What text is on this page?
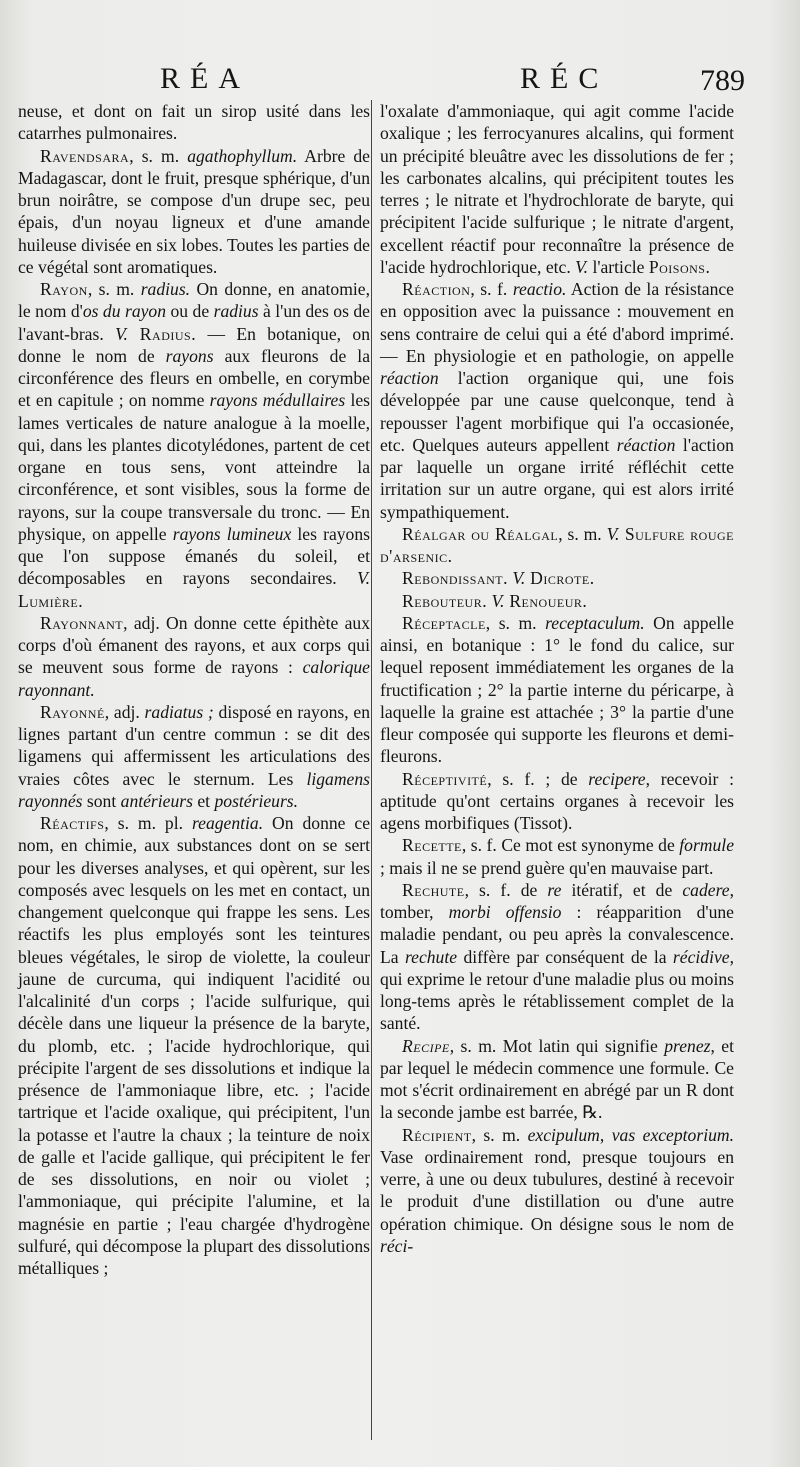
RÉA	RÉC	789

neuse, et dont on fait un sirop usité dans les catarrhes pulmonaires.

Ravendsara, s. m. agathophyllum. Arbre de Madagascar, dont le fruit, presque sphérique, d'un brun noirâtre, se compose d'un drupe sec, peu épais, d'un noyau ligneux et d'une amande huileuse divisée en six lobes. Toutes les parties de ce végétal sont aromatiques.

Rayon, s. m. radius. On donne, en anatomie, le nom d'os du rayon ou de radius à l'un des os de l'avant-bras. V. Radius. — En botanique, on donne le nom de rayons aux fleurons de la circonférence des fleurs en ombelle, en corymbe et en capitule ; on nomme rayons médullaires les lames verticales de nature analogue à la moelle, qui, dans les plantes dicotylédones, partent de cet organe en tous sens, vont atteindre la circonférence, et sont visibles, sous la forme de rayons, sur la coupe transversale du tronc. — En physique, on appelle rayons lumineux les rayons que l'on suppose émanés du soleil, et décomposables en rayons secondaires. V. Lumière.

Rayonnant, adj. On donne cette épithète aux corps d'où émanent des rayons, et aux corps qui se meuvent sous forme de rayons : calorique rayonnant.

Rayonné, adj. radiatus ; disposé en rayons, en lignes partant d'un centre commun : se dit des ligamens qui affermissent les articulations des vraies côtes avec le sternum. Les ligamens rayonnés sont antérieurs et postérieurs.

Réactifs, s. m. pl. reagentia. On donne ce nom, en chimie, aux substances dont on se sert pour les diverses analyses, et qui opèrent, sur les composés avec lesquels on les met en contact, un changement quelconque qui frappe les sens. Les réactifs les plus employés sont les teintures bleues végétales, le sirop de violette, la couleur jaune de curcuma, qui indiquent l'acidité ou l'alcalinité d'un corps ; l'acide sulfurique, qui décèle dans une liqueur la présence de la baryte, du plomb, etc. ; l'acide hydrochlorique, qui précipite l'argent de ses dissolutions et indique la présence de l'ammoniaque libre, etc. ; l'acide tartrique et l'acide oxalique, qui précipitent, l'un la potasse et l'autre la chaux ; la teinture de noix de galle et l'acide gallique, qui précipitent le fer de ses dissolutions, en noir ou violet ; l'ammoniaque, qui précipite l'alumine, et la magnésie en partie ; l'eau chargée d'hydrogène sulfuré, qui décompose la plupart des dissolutions métalliques ;

l'oxalate d'ammoniaque, qui agit comme l'acide oxalique ; les ferrocyanures alcalins, qui forment un précipité bleuâtre avec les dissolutions de fer ; les carbonates alcalins, qui précipitent toutes les terres ; le nitrate et l'hydrochlorate de baryte, qui précipitent l'acide sulfurique ; le nitrate d'argent, excellent réactif pour reconnaître la présence de l'acide hydrochlorique, etc. V. l'article Poisons.

Réaction, s. f. reactio. Action de la résistance en opposition avec la puissance : mouvement en sens contraire de celui qui a été d'abord imprimé. — En physiologie et en pathologie, on appelle réaction l'action organique qui, une fois développée par une cause quelconque, tend à repousser l'agent morbifique qui l'a occasionée, etc. Quelques auteurs appellent réaction l'action par laquelle un organe irrité réfléchit cette irritation sur un autre organe, qui est alors irrité sympathiquement.

Réalgar ou Réalgal, s. m. V. Sulfure rouge d'arsenic.

Rebondissant. V. Dicrote.

Reboutеur. V. Renoueur.

Réceptacle, s. m. receptaculum. On appelle ainsi, en botanique : 1° le fond du calice, sur lequel reposent immédiatement les organes de la fructification ; 2° la partie interne du péricarpe, à laquelle la graine est attachée ; 3° la partie d'une fleur composée qui supporte les fleurons et demi-fleurons.

Réceptivité, s. f. ; de recipere, recevoir : aptitude qu'ont certains organes à recevoir les agens morbifiques (Tissot).

Recette, s. f. Ce mot est synonyme de formule ; mais il ne se prend guère qu'en mauvaise part.

Rechute, s. f. de re itératif, et de cadere, tomber, morbi offensio : réapparition d'une maladie pendant, ou peu après la convalescence. La rechute diffère par conséquent de la récidive, qui exprime le retour d'une maladie plus ou moins long-tems après le rétablissement complet de la santé.

Recipe, s. m. Mot latin qui signifie prenez, et par lequel le médecin commence une formule. Ce mot s'écrit ordinairement en abrégé par un R dont la seconde jambe est barrée, ℞.

Récipient, s. m. excipulum, vas exceptorium. Vase ordinairement rond, presque toujours en verre, à une ou deux tubulures, destiné à recevoir le produit d'une distillation ou d'une autre opération chimique. On désigne sous le nom de réci-
